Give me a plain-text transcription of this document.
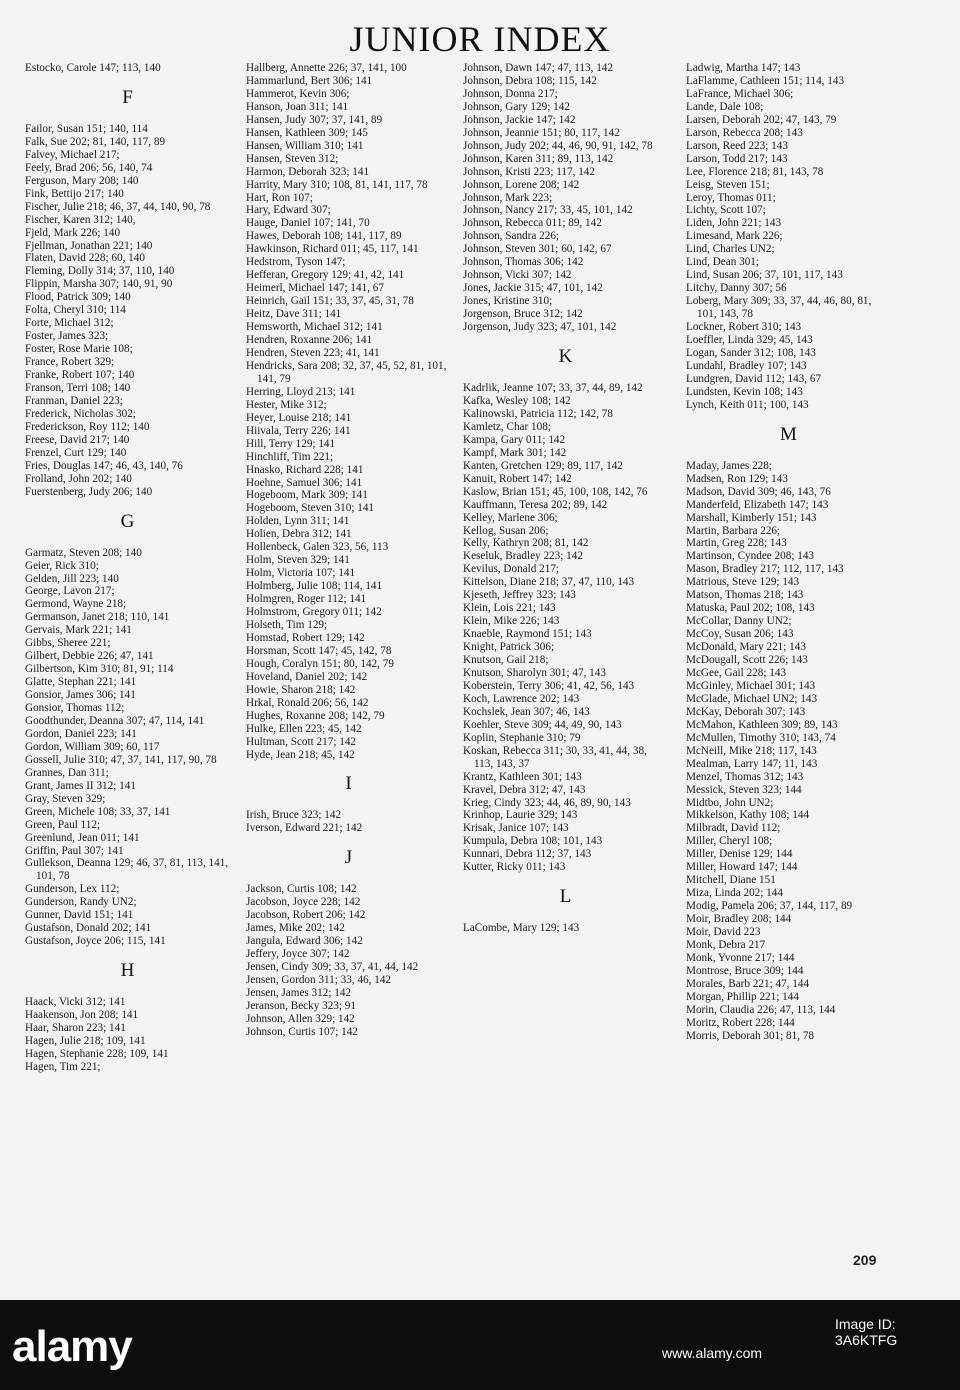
JUNIOR INDEX
Estocko, Carole 147; 113, 140
F
Failor, Susan 151; 140, 114
Falk, Sue 202; 81, 140, 117, 89
Falvey, Michael 217;
Feely, Brad 206; 56, 140, 74
Ferguson, Mary 208; 140
Fink, Bettijo 217; 140
Fischer, Julie 218; 46, 37, 44, 140, 90, 78
Fischer, Karen 312; 140,
Fjeld, Mark 226; 140
Fjellman, Jonathan 221; 140
Flaten, David 228; 60, 140
Fleming, Dolly 314; 37, 110, 140
Flippin, Marsha 307; 140, 91, 90
Flood, Patrick 309; 140
Folta, Cheryl 310; 114
Forte, Michael 312;
Foster, James 323;
Foster, Rose Marie 108;
France, Robert 329;
Franke, Robert 107; 140
Franson, Terri 108; 140
Franman, Daniel 223;
Frederick, Nicholas 302;
Frederickson, Roy 112; 140
Freese, David 217; 140
Frenzel, Curt 129; 140
Fries, Douglas 147; 46, 43, 140, 76
Frolland, John 202; 140
Fuerstenberg, Judy 206; 140
G
Garmatz, Steven 208; 140
Geier, Rick 310;
Gelden, Jill 223; 140
George, Lavon 217;
Germond, Wayne 218;
Germanson, Janet 218; 110, 141
Gervais, Mark 221; 141
Gibbs, Sheree 221;
Gilbert, Debbie 226; 47, 141
Gilbertson, Kim 310; 81, 91; 114
Glatte, Stephan 221; 141
Gonsior, James 306; 141
Gonsior, Thomas 112;
Goodthunder, Deanna 307; 47, 114, 141
Gordon, Daniel 223; 141
Gordon, William 309; 60, 117
Gossell, Julie 310; 47, 37, 141, 117, 90, 78
Grannes, Dan 311;
Grant, James II 312; 141
Gray, Steven 329;
Green, Michele 108; 33, 37, 141
Green, Paul 112;
Greenlund, Jean 011; 141
Griffin, Paul 307; 141
Gullekson, Deanna 129; 46, 37, 81, 113, 141, 101, 78
Gunderson, Lex 112;
Gunderson, Randy UN2;
Gunner, David 151; 141
Gustafson, Donald 202; 141
Gustafson, Joyce 206; 115, 141
H
Haack, Vicki 312; 141
Haakenson, Jon 208; 141
Haar, Sharon 223; 141
Hagen, Julie 218; 109, 141
Hagen, Stephanie 228; 109, 141
Hagen, Tim 221;
Hallberg, Annette 226; 37, 141, 100
Hammarlund, Bert 306; 141
Hammerot, Kevin 306;
Hanson, Joan 311; 141
Hansen, Judy 307; 37, 141, 89
Hansen, Kathleen 309; 145
Hansen, William 310; 141
Hansen, Steven 312;
Harmon, Deborah 323; 141
Harrity, Mary 310; 108, 81, 141, 117, 78
Hart, Ron 107;
Hary, Edward 307;
Hauge, Daniel 107; 141, 70
Hawes, Deborah 108; 141, 117, 89
Hawkinson, Richard 011; 45, 117, 141
Hedstrom, Tyson 147;
Hefferan, Gregory 129; 41, 42, 141
Heimerl, Michael 147; 141, 67
Heinrich, Gail 151; 33, 37, 45, 31, 78
Heitz, Dave 311; 141
Hemsworth, Michael 312; 141
Hendren, Roxanne 206; 141
Hendren, Steven 223; 41, 141
Hendricks, Sara 208; 32, 37, 45, 52, 81, 101, 141, 79
Herring, Lloyd 213; 141
Hester, Mike 312;
Heyer, Louise 218; 141
Hiivala, Terry 226; 141
Hill, Terry 129; 141
Hinchliff, Tim 221;
Hnasko, Richard 228; 141
Hoehne, Samuel 306; 141
Hogeboom, Mark 309; 141
Hogeboom, Steven 310; 141
Holden, Lynn 311; 141
Holien, Debra 312; 141
Hollenbeck, Galen 323, 56, 113
Holm, Steven 329; 141
Holm, Victoria 107; 141
Holmberg, Julie 108; 114, 141
Holmgren, Roger 112; 141
Holmstrom, Gregory 011; 142
Holseth, Tim 129;
Homstad, Robert 129; 142
Horsman, Scott 147; 45, 142, 78
Hough, Coralyn 151; 80, 142, 79
Hoveland, Daniel 202; 142
Howie, Sharon 218; 142
Hrkal, Ronald 206; 56, 142
Hughes, Roxanne 208; 142, 79
Hulke, Ellen 223; 45, 142
Hultman, Scott 217; 142
Hyde, Jean 218; 45, 142
I
Irish, Bruce 323; 142
Iverson, Edward 221; 142
J
Jackson, Curtis 108; 142
Jacobson, Joyce 228; 142
Jacobson, Robert 206; 142
James, Mike 202; 142
Jangula, Edward 306; 142
Jeffery, Joyce 307; 142
Jensen, Cindy 309; 33, 37, 41, 44, 142
Jensen, Gordon 311; 33, 46, 142
Jensen, James 312; 142
Jeranson, Becky 323; 91
Johnson, Allen 329; 142
Johnson, Curtis 107; 142
Johnson, Dawn 147; 47, 113, 142
Johnson, Debra 108; 115, 142
Johnson, Donna 217;
Johnson, Gary 129; 142
Johnson, Jackie 147; 142
Johnson, Jeannie 151; 80, 117, 142
Johnson, Judy 202; 44, 46, 90, 91, 142, 78
Johnson, Karen 311; 89, 113, 142
Johnson, Kristi 223; 117, 142
Johnson, Lorene 208; 142
Johnson, Mark 223;
Johnson, Nancy 217; 33, 45, 101, 142
Johnson, Rebecca 011; 89, 142
Johnson, Sandra 226;
Johnson, Steven 301; 60, 142, 67
Johnson, Thomas 306; 142
Johnson, Vicki 307; 142
Jones, Jackie 315; 47, 101, 142
Jones, Kristine 310;
Jorgenson, Bruce 312; 142
Jorgenson, Judy 323; 47, 101, 142
K
Kadrlik, Jeanne 107; 33, 37, 44, 89, 142
Kafka, Wesley 108; 142
Kalinowski, Patricia 112; 142, 78
Kamletz, Char 108;
Kampa, Gary 011; 142
Kampf, Mark 301; 142
Kanten, Gretchen 129; 89, 117, 142
Kanuit, Robert 147; 142
Kaslow, Brian 151; 45, 100, 108, 142, 76
Kauffmann, Teresa 202; 89, 142
Kelley, Marlene 306;
Kellog, Susan 206;
Kelly, Kathryn 208; 81, 142
Keseluk, Bradley 223; 142
Kevilus, Donald 217;
Kittelson, Diane 218; 37, 47, 110, 143
Kjeseth, Jeffrey 323; 143
Klein, Lois 221; 143
Klein, Mike 226; 143
Knaeble, Raymond 151; 143
Knight, Patrick 306;
Knutson, Gail 218;
Knutson, Sharolyn 301; 47, 143
Koberstein, Terry 306; 41, 42, 56, 143
Koch, Lawrence 202; 143
Kochslek, Jean 307; 46, 143
Koehler, Steve 309; 44, 49, 90, 143
Koplin, Stephanie 310; 79
Koskan, Rebecca 311; 30, 33, 41, 44, 38, 113, 143, 37
Krantz, Kathleen 301; 143
Kravel, Debra 312; 47, 143
Krieg, Cindy 323; 44, 46, 89, 90, 143
Krinhop, Laurie 329; 143
Krisak, Janice 107; 143
Kumpula, Debra 108; 101, 143
Kunnari, Debra 112; 37, 143
Kutter, Ricky 011; 143
L
LaCombe, Mary 129; 143
Ladwig, Martha 147; 143
LaFlamme, Cathleen 151; 114, 143
LaFrance, Michael 306;
Lande, Dale 108;
Larsen, Deborah 202; 47, 143, 79
Larson, Rebecca 208; 143
Larson, Reed 223; 143
Larson, Todd 217; 143
Lee, Florence 218; 81, 143, 78
Leisg, Steven 151;
Leroy, Thomas 011;
Lichty, Scott 107;
Liden, John 221; 143
Limesand, Mark 226;
Lind, Charles UN2;
Lind, Dean 301;
Lind, Susan 206; 37, 101, 117, 143
Litchy, Danny 307; 56
Loberg, Mary 309; 33, 37, 44, 46, 80, 81, 101, 143, 78
Lockner, Robert 310; 143
Loeffler, Linda 329; 45, 143
Logan, Sander 312; 108, 143
Lundahl, Bradley 107; 143
Lundgren, David 112; 143, 67
Lundsten, Kevin 108; 143
Lynch, Keith 011; 100, 143
M
Maday, James 228;
Madsen, Ron 129; 143
Madson, David 309; 46, 143, 76
Manderfeld, Elizabeth 147; 143
Marshall, Kimberly 151; 143
Martin, Barbara 226;
Martin, Greg 228; 143
Martinson, Cyndee 208; 143
Mason, Bradley 217; 112, 117, 143
Matrious, Steve 129; 143
Matson, Thomas 218; 143
Matuska, Paul 202; 108, 143
McCollar, Danny UN2;
McCoy, Susan 206; 143
McDonald, Mary 221; 143
McDougall, Scott 226; 143
McGee, Gail 228; 143
McGinley, Michael 301; 143
McGlade, Michael UN2; 143
McKay, Deborah 307; 143
McMahon, Kathleen 309; 89, 143
McMullen, Timothy 310; 143, 74
McNeill, Mike 218; 117, 143
Mealman, Larry 147; 11, 143
Menzel, Thomas 312; 143
Messick, Steven 323; 144
Midtbo, John UN2;
Mikkelson, Kathy 108; 144
Milbradt, David 112;
Miller, Cheryl 108;
Miller, Denise 129; 144
Miller, Howard 147; 144
Mitchell, Diane 151
Miza, Linda 202; 144
Modig, Pamela 206; 37, 144, 117, 89
Moir, Bradley 208; 144
Moir, David 223
Monk, Debra 217
Monk, Yvonne 217; 144
Montrose, Bruce 309; 144
Morales, Barb 221; 47, 144
Morgan, Phillip 221; 144
Morin, Claudia 226; 47, 113, 144
Moritz, Robert 228; 144
Morris, Deborah 301; 81, 78
209
alamy	Image ID: 3A6KTFG
www.alamy.com
